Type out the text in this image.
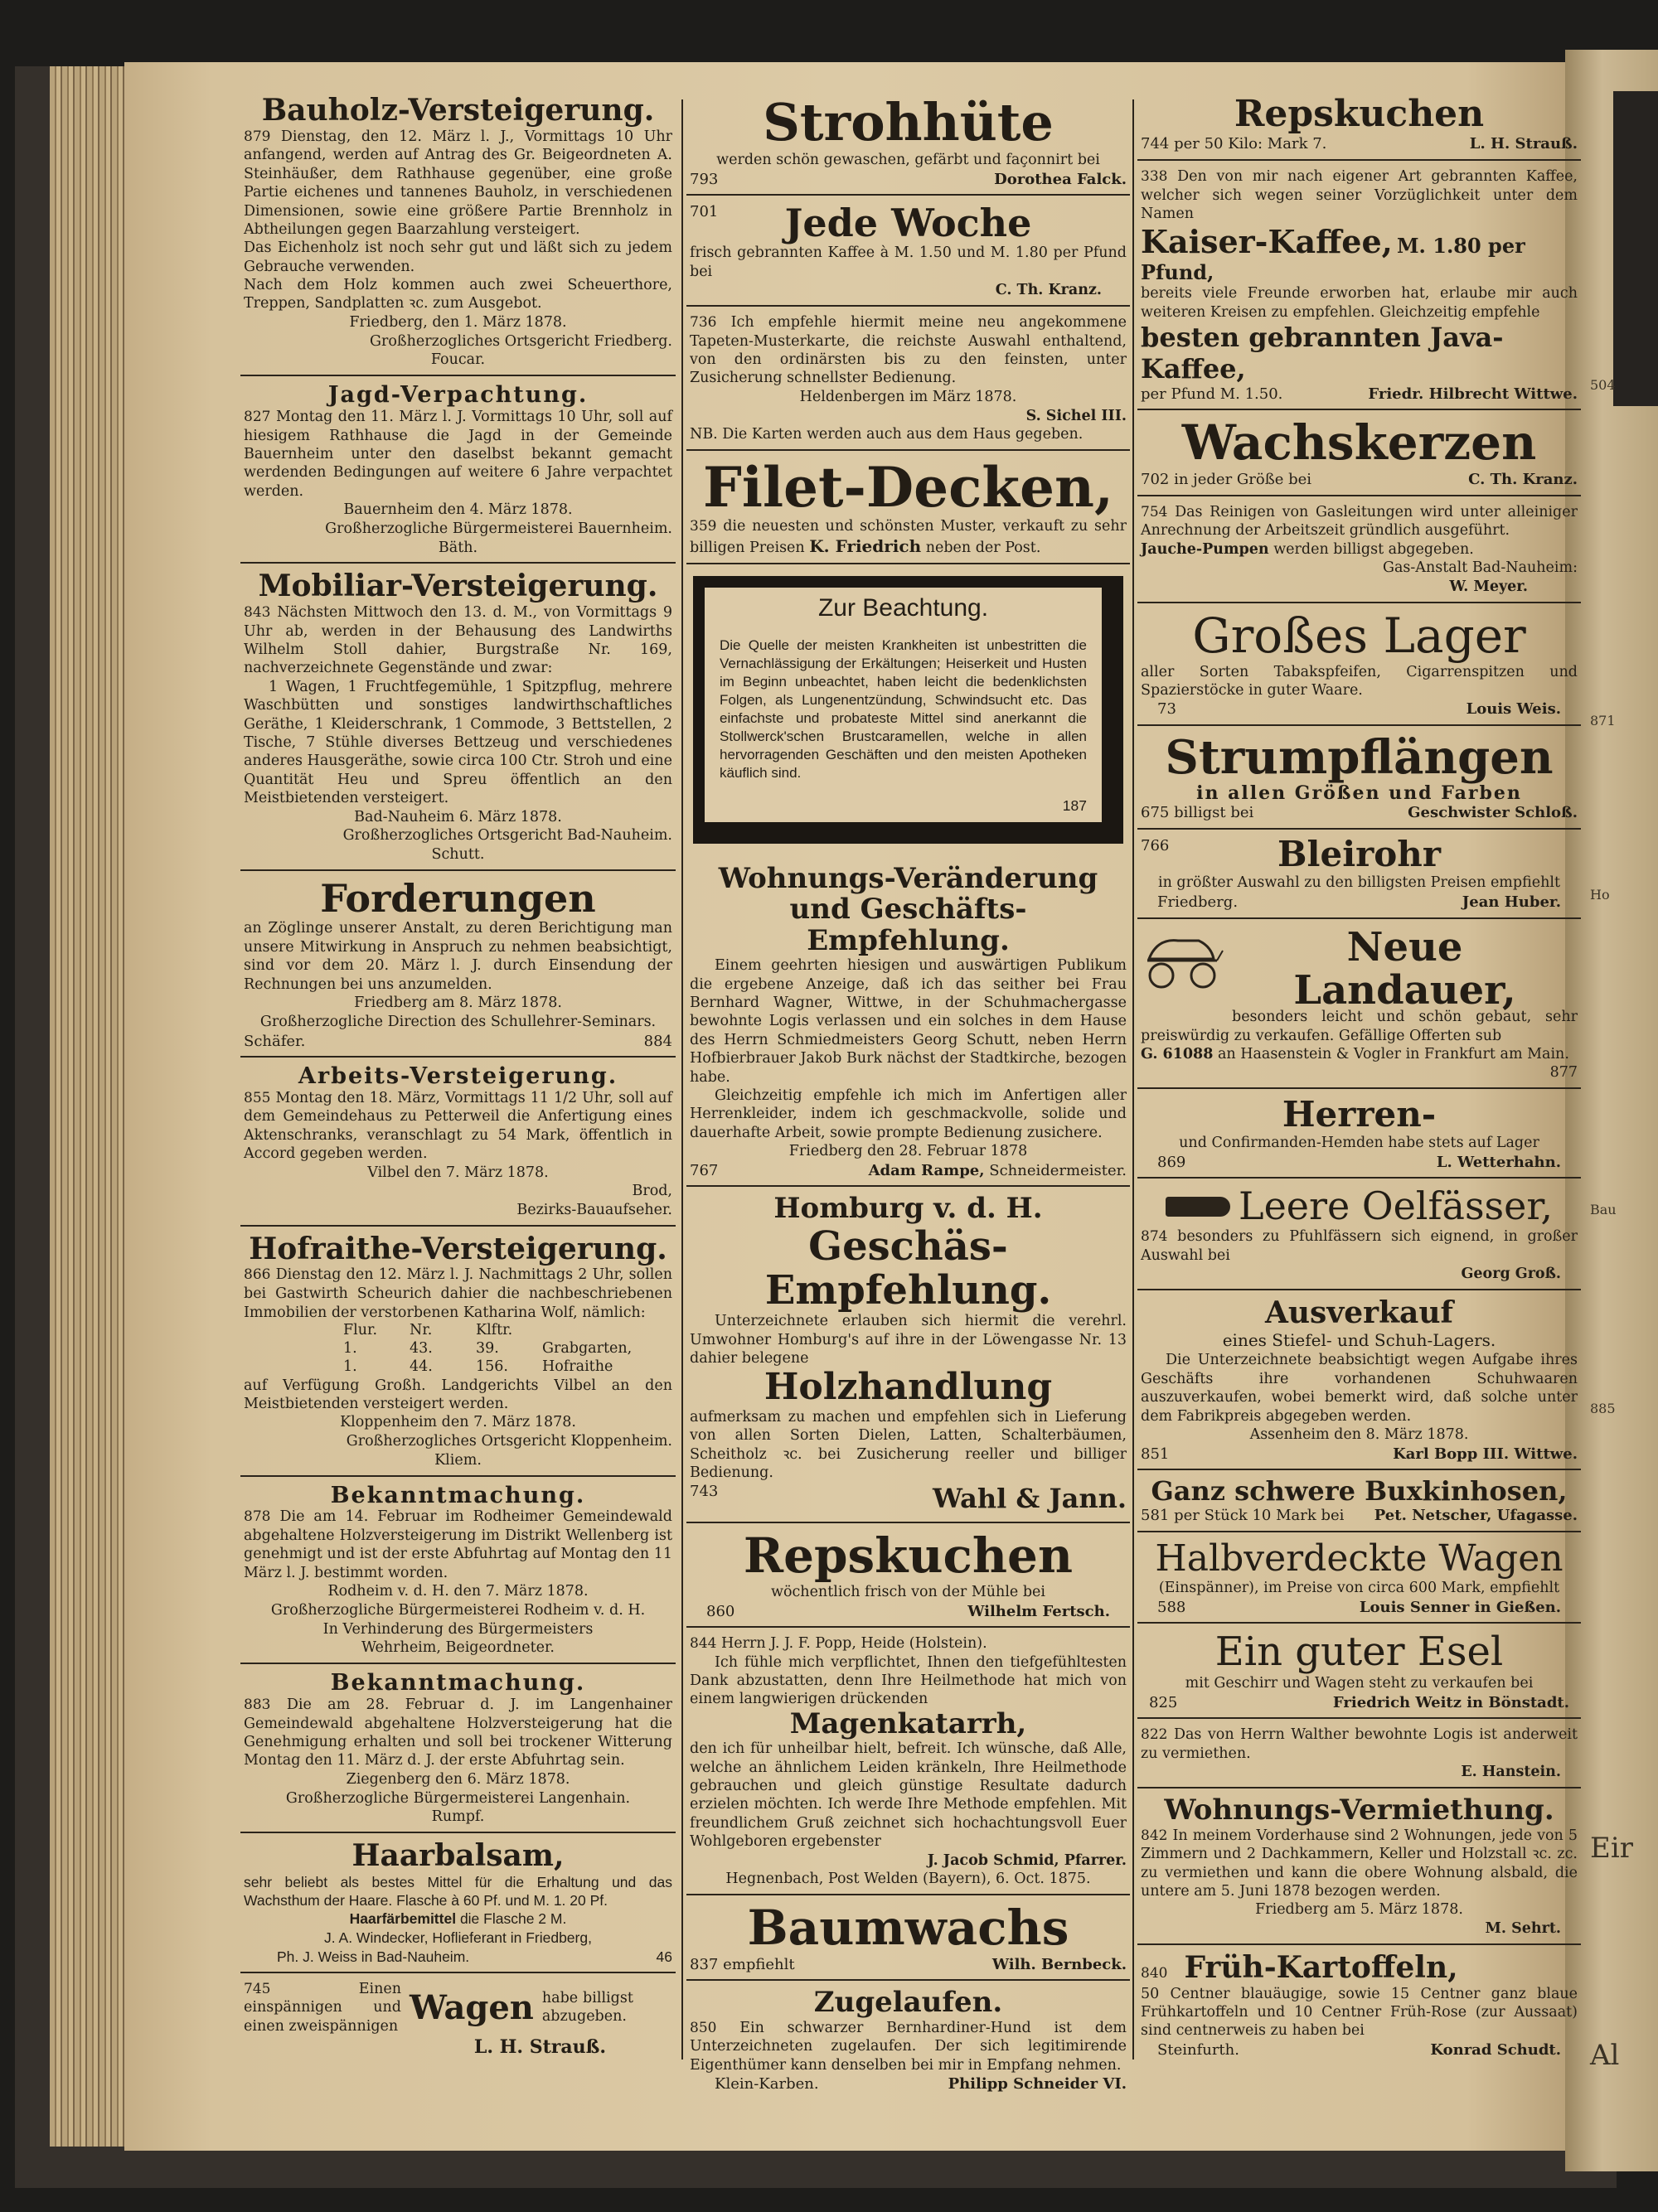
504
871
Ho
885
Eir
Al
Bau
Bauholz-Versteigerung.

879 Dienstag, den 12. März l. J., Vormittags 10 Uhr anfangend, werden auf Antrag des Gr. Beigeordneten A. Steinhäußer, dem Rathhause gegenüber, eine große Partie eichenes und tannenes Bauholz, in verschiedenen Dimensionen, sowie eine größere Partie Brennholz in Abtheilungen gegen Baarzahlung versteigert.

Das Eichenholz ist noch sehr gut und läßt sich zu jedem Gebrauche verwenden.

Nach dem Holz kommen auch zwei Scheuerthore, Treppen, Sandplatten ꝛc. zum Ausgebot.

Friedberg, den 1. März 1878.
Großherzogliches Ortsgericht Friedberg.
Foucar.
Jagd-Verpachtung.

827 Montag den 11. März l. J. Vormittags 10 Uhr, soll auf hiesigem Rathhause die Jagd in der Gemeinde Bauernheim unter den daselbst bekannt gemacht werdenden Bedingungen auf weitere 6 Jahre verpachtet werden.

Bauernheim den 4. März 1878.
Großherzogliche Bürgermeisterei Bauernheim.
Bäth.
Mobiliar-Versteigerung.

843 Nächsten Mittwoch den 13. d. M., von Vormittags 9 Uhr ab, werden in der Behausung des Landwirths Wilhelm Stoll dahier, Burgstraße Nr. 169, nachverzeichnete Gegenstände und zwar:

1 Wagen, 1 Fruchtfegemühle, 1 Spitzpflug, mehrere Waschbütten und sonstiges landwirthschaftliches Geräthe, 1 Kleiderschrank, 1 Commode, 3 Bettstellen, 2 Tische, 7 Stühle diverses Bettzeug und verschiedenes anderes Hausgeräthe, sowie circa 100 Ctr. Stroh und eine Quantität Heu und Spreu öffentlich an den Meistbietenden versteigert.

Bad-Nauheim 6. März 1878.
Großherzogliches Ortsgericht Bad-Nauheim.
Schutt.
Forderungen

an Zöglinge unserer Anstalt, zu deren Berichtigung man unsere Mitwirkung in Anspruch zu nehmen beabsichtigt, sind vor dem 20. März l. J. durch Einsendung der Rechnungen bei uns anzumelden.

Friedberg am 8. März 1878.
Großherzogliche Direction des Schullehrer-Seminars.
Schäfer.	884
Arbeits-Versteigerung.

855 Montag den 18. März, Vormittags 11 1/2 Uhr, soll auf dem Gemeindehaus zu Petterweil die Anfertigung eines Aktenschranks, veranschlagt zu 54 Mark, öffentlich in Accord gegeben werden.

Vilbel den 7. März 1878.
Brod,
Bezirks-Bauaufseher.
Hofraithe-Versteigerung.

866 Dienstag den 12. März l. J. Nachmittags 2 Uhr, sollen bei Gastwirth Scheurich dahier die nachbeschriebenen Immobilien der verstorbenen Katharina Wolf, nämlich:

Flur. Nr.	Klftr.
1.	43.	39.	Grabgarten,
1.	44.	156. Hofraithe

auf Verfügung Großh. Landgerichts Vilbel an den Meistbietenden versteigert werden.

Kloppenheim den 7. März 1878.
Großherzogliches Ortsgericht Kloppenheim.
Kliem.
Bekanntmachung.

878 Die am 14. Februar im Rodheimer Gemeindewald abgehaltene Holzversteigerung im Distrikt Wellenberg ist genehmigt und ist der erste Abfuhrtag auf Montag den 11 März l. J. bestimmt worden.

Rodheim v. d. H. den 7. März 1878.
Großherzogliche Bürgermeisterei Rodheim v. d. H.
In Verhinderung des Bürgermeisters
Wehrheim, Beigeordneter.
Bekanntmachung.

883 Die am 28. Februar d. J. im Langenhainer Gemeindewald abgehaltene Holzversteigerung hat die Genehmigung erhalten und soll bei trockener Witterung Montag den 11. März d. J. der erste Abfuhrtag sein.

Ziegenberg den 6. März 1878.
Großherzogliche Bürgermeisterei Langenhain.
Rumpf.
Haarbalsam,

sehr beliebt als bestes Mittel für die Erhaltung und das Wachsthum der Haare. Flasche à 60 Pf. und M. 1. 20 Pf.

Haarfärbemittel die Flasche 2 M.
J. A. Windecker, Hoflieferant in Friedberg,
Ph. J. Weiss in Bad-Nauheim.	46

745	Einen einspännigen und einen zweispännigen Wagen habe billigst abzugeben.

L. H. Strauß.
Strohhüte
werden schön gewaschen, gefärbt und façonnirt bei
793	Dorothea Falck.
701	Jede Woche

frisch gebrannten Kaffee à M. 1.50 und M. 1.80 per Pfund bei

C. Th. Kranz.

736 Ich empfehle hiermit meine neu angekommene Tapeten-Musterkarte, die reichste Auswahl enthaltend, von den ordinärsten bis zu den feinsten, unter Zusicherung schnellster Bedienung.

Heldenbergen im März 1878.
S. Sichel III.

NB. Die Karten werden auch aus dem Haus gegeben.

Filet-Decken,

359 die neuesten und schönsten Muster, verkauft zu sehr billigen Preisen K. Friedrich neben der Post.

Zur Beachtung.

Die Quelle der meisten Krankheiten ist unbestritten die Vernachlässigung der Erkältungen; Heiserkeit und Husten im Beginn unbeachtet, haben leicht die bedenklichsten Folgen, als Lungenentzündung, Schwindsucht etc. Das einfachste und probateste Mittel sind anerkannt die Stollwerck'schen Brustcaramellen, welche in allen hervorragenden Geschäften und den meisten Apotheken käuflich sind.

187
Wohnungs-Veränderung und Geschäfts-Empfehlung.

Einem geehrten hiesigen und auswärtigen Publikum die ergebene Anzeige, daß ich das seither bei Frau Bernhard Wagner, Wittwe, in der Schuhmachergasse bewohnte Logis verlassen und ein solches in dem Hause des Herrn Schmiedmeisters Georg Schutt, neben Herrn Hofbierbrauer Jakob Burk nächst der Stadtkirche, bezogen habe.

Gleichzeitig empfehle ich mich im Anfertigen aller Herrenkleider, indem ich geschmackvolle, solide und dauerhafte Arbeit, sowie prompte Bedienung zusichere.

Friedberg den 28. Februar 1878
767	Adam Rampe, Schneidermeister.
Homburg v. d. H.
Geschäs-Empfehlung.

Unterzeichnete erlauben sich hiermit die verehrl. Umwohner Homburg's auf ihre in der Löwengasse Nr. 13 dahier belegene

Holzhandlung

aufmerksam zu machen und empfehlen sich in Lieferung von allen Sorten Dielen, Latten, Schalterbäumen, Scheitholz ꝛc. bei Zusicherung reeller und billiger Bedienung.

743	Wahl & Jann.
Repskuchen
wöchentlich frisch von der Mühle bei
860	Wilhelm Fertsch.

844 Herrn J. J. F. Popp, Heide (Holstein).

Ich fühle mich verpflichtet, Ihnen den tiefgefühltesten Dank abzustatten, denn Ihre Heilmethode hat mich von einem langwierigen drückenden

Magenkatarrh,

den ich für unheilbar hielt, befreit. Ich wünsche, daß Alle, welche an ähnlichem Leiden kränkeln, Ihre Heilmethode gebrauchen und gleich günstige Resultate dadurch erzielen möchten. Ich werde Ihre Methode empfehlen. Mit freundlichem Gruß zeichnet sich hochachtungsvoll Euer Wohlgeboren ergebenster

J. Jacob Schmid, Pfarrer.
Hegnenbach, Post Welden (Bayern), 6. Oct. 1875.
Baumwachs
837 empfiehlt	Wilh. Bernbeck.
Zugelaufen.

850 Ein schwarzer Bernhardiner-Hund ist dem Unterzeichneten zugelaufen. Der sich legitimirende Eigenthümer kann denselben bei mir in Empfang nehmen.

Klein-Karben.	Philipp Schneider VI.
Repskuchen
744 per 50 Kilo: Mark 7.	L. H. Strauß.

338 Den von mir nach eigener Art gebrannten Kaffee, welcher sich wegen seiner Vorzüglichkeit unter dem Namen

Kaiser-Kaffee, M. 1.80 per Pfund,

bereits viele Freunde erworben hat, erlaube mir auch weiteren Kreisen zu empfehlen. Gleichzeitig empfehle

besten gebrannten Java-Kaffee,
per Pfund M. 1.50.	Friedr. Hilbrecht Wittwe.
Wachskerzen
702 in jeder Größe bei	C. Th. Kranz.

754 Das Reinigen von Gasleitungen wird unter alleiniger Anrechnung der Arbeitszeit gründlich ausgeführt.

Jauche-Pumpen werden billigst abgegeben.

Gas-Anstalt Bad-Nauheim:
W. Meyer.
Großes Lager

aller Sorten Tabakspfeifen, Cigarrenspitzen und Spazierstöcke in guter Waare.

73	Louis Weis.
Strumpflängen
in allen Größen und Farben
675 billigst bei	Geschwister Schloß.
766	Bleirohr
in größter Auswahl zu den billigsten Preisen empfiehlt
Friedberg.	Jean Huber.
Neue Landauer,

besonders leicht und schön gebaut, sehr preiswürdig zu verkaufen. Gefällige Offerten sub

G. 61088 an Haasenstein & Vogler in Frankfurt am Main.

877
Herren-
und Confirmanden-Hemden habe stets auf Lager
869	L. Wetterhahn.
Leere Oelfässer,

874 besonders zu Pfuhlfässern sich eignend, in großer Auswahl bei

Georg Groß.
Ausverkauf
eines Stiefel- und Schuh-Lagers.

Die Unterzeichnete beabsichtigt wegen Aufgabe ihres Geschäfts ihre vorhandenen Schuhwaaren auszuverkaufen, wobei bemerkt wird, daß solche unter dem Fabrikpreis abgegeben werden.

Assenheim den 8. März 1878.
851	Karl Bopp III. Wittwe.
Ganz schwere Buxkinhosen,
581 per Stück 10 Mark bei Pet. Netscher, Ufagasse.
Halbverdeckte Wagen
(Einspänner), im Preise von circa 600 Mark, empfiehlt
588	Louis Senner in Gießen.
Ein guter Esel
mit Geschirr und Wagen steht zu verkaufen bei
825	Friedrich Weitz in Bönstadt.

822 Das von Herrn Walther bewohnte Logis ist anderweit zu vermiethen.

E. Hanstein.
Wohnungs-Vermiethung.

842 In meinem Vorderhause sind 2 Wohnungen, jede von 5 Zimmern und 2 Dachkammern, Keller und Holzstall ꝛc. zc. zu vermiethen und kann die obere Wohnung alsbald, die untere am 5. Juni 1878 bezogen werden.

Friedberg am 5. März 1878.
M. Sehrt.
840 Früh-Kartoffeln,

50 Centner blauäugige, sowie 15 Centner ganz blaue Frühkartoffeln und 10 Centner Früh-Rose (zur Aussaat) sind centnerweis zu haben bei

Steinfurth.	Konrad Schudt.
